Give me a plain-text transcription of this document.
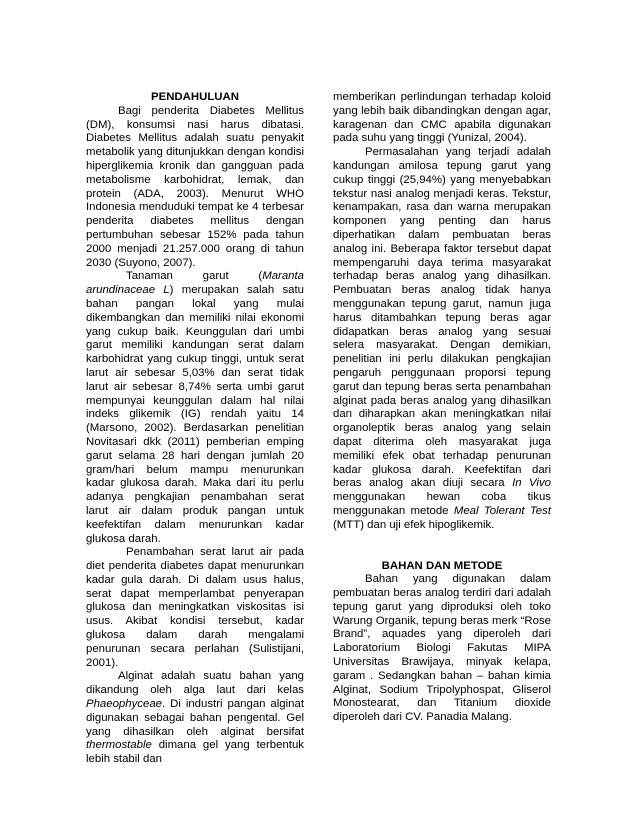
PENDAHULUAN

Bagi penderita Diabetes Mellitus (DM), konsumsi nasi harus dibatasi. Diabetes Mellitus adalah suatu penyakit metabolik yang ditunjukkan dengan kondisi hiperglikemia kronik dan gangguan pada metabolisme karbohidrat, lemak, dan protein (ADA, 2003). Menurut WHO Indonesia menduduki tempat ke 4 terbesar penderita diabetes mellitus dengan pertumbuhan sebesar 152% pada tahun 2000 menjadi 21.257.000 orang di tahun 2030 (Suyono, 2007).

Tanaman garut (Maranta arundinaceae L) merupakan salah satu bahan pangan lokal yang mulai dikembangkan dan memiliki nilai ekonomi yang cukup baik. Keunggulan dari umbi garut memiliki kandungan serat dalam karbohidrat yang cukup tinggi, untuk serat larut air sebesar 5,03% dan serat tidak larut air sebesar 8,74% serta umbi garut mempunyai keunggulan dalam hal nilai indeks glikemik (IG) rendah yaitu 14 (Marsono, 2002). Berdasarkan penelitian Novitasari dkk (2011) pemberian emping garut selama 28 hari dengan jumlah 20 gram/hari belum mampu menurunkan kadar glukosa darah. Maka dari itu perlu adanya pengkajian penambahan serat larut air dalam produk pangan untuk keefektifan dalam menurunkan kadar glukosa darah.

Penambahan serat larut air pada diet penderita diabetes dapat menurunkan kadar gula darah. Di dalam usus halus, serat dapat memperlambat penyerapan glukosa dan meningkatkan viskositas isi usus. Akibat kondisi tersebut, kadar glukosa dalam darah mengalami penurunan secara perlahan (Sulistijani, 2001).

Alginat adalah suatu bahan yang dikandung oleh alga laut dari kelas Phaeophyceae. Di industri pangan alginat digunakan sebagai bahan pengental. Gel yang dihasilkan oleh alginat bersifat thermostable dimana gel yang terbentuk lebih stabil dan

memberikan perlindungan terhadap koloid yang lebih baik dibandingkan dengan agar, karagenan dan CMC apabila digunakan pada suhu yang tinggi (Yunizal, 2004).

Permasalahan yang terjadi adalah kandungan amilosa tepung garut yang cukup tinggi (25,94%) yang menyebabkan tekstur nasi analog menjadi keras. Tekstur, kenampakan, rasa dan warna merupakan komponen yang penting dan harus diperhatikan dalam pembuatan beras analog ini. Beberapa faktor tersebut dapat mempengaruhi daya terima masyarakat terhadap beras analog yang dihasilkan. Pembuatan beras analog tidak hanya menggunakan tepung garut, namun juga harus ditambahkan tepung beras agar didapatkan beras analog yang sesuai selera masyarakat. Dengan demikian, penelitian ini perlu dilakukan pengkajian pengaruh penggunaan proporsi tepung garut dan tepung beras serta penambahan alginat pada beras analog yang dihasilkan dan diharapkan akan meningkatkan nilai organoleptik beras analog yang selain dapat diterima oleh masyarakat juga memiliki efek obat terhadap penurunan kadar glukosa darah. Keefektifan dari beras analog akan diuji secara In Vivo menggunakan hewan coba tikus menggunakan metode Meal Tolerant Test (MTT) dan uji efek hipoglikemik.

BAHAN DAN METODE

Bahan yang digunakan dalam pembuatan beras analog terdiri dari adalah tepung garut yang diproduksi oleh toko Warung Organik, tepung beras merk “Rose Brand”, aquades yang diperoleh dari Laboratorium Biologi Fakutas MIPA Universitas Brawijaya, minyak kelapa, garam . Sedangkan bahan – bahan kimia Alginat, Sodium Tripolyphospat, Gliserol Monostearat, dan Titanium dioxide diperoleh dari CV. Panadia Malang.
